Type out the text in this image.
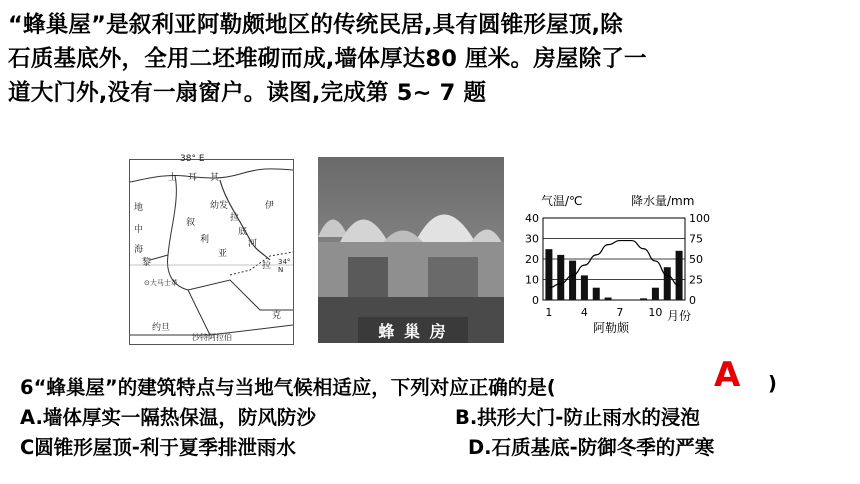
“蜂巢屋”是叙利亚阿勒颇地区的传统民居,具有圆锥形屋顶,除
石质基底外，全用二坯堆砌而成,墙体厚达80 厘米。房屋除了一
道大门外,没有一扇窗户。读图,完成第 5~ 7 题
38° E
34° N
土 耳 其
地
中
海
黎
叙
利
亚
幼发
拉
底
河
伊
拉
克
约旦
沙特阿拉伯
⊙大马士革
蜂 巢 房
40	100
30	75
20	50
10	25
0	0
1	4	7 10
气温/℃	降水量/mm
阿勒颇
月份
6“蜂巢屋”的建筑特点与当地气候相适应，下列对应正确的是(	A )
A.墙体厚实一隔热保温，防风防沙	B.拱形大门-防止雨水的浸泡
C圆锥形屋顶-利于夏季排泄雨水	D.石质基底-防御冬季的严寒
